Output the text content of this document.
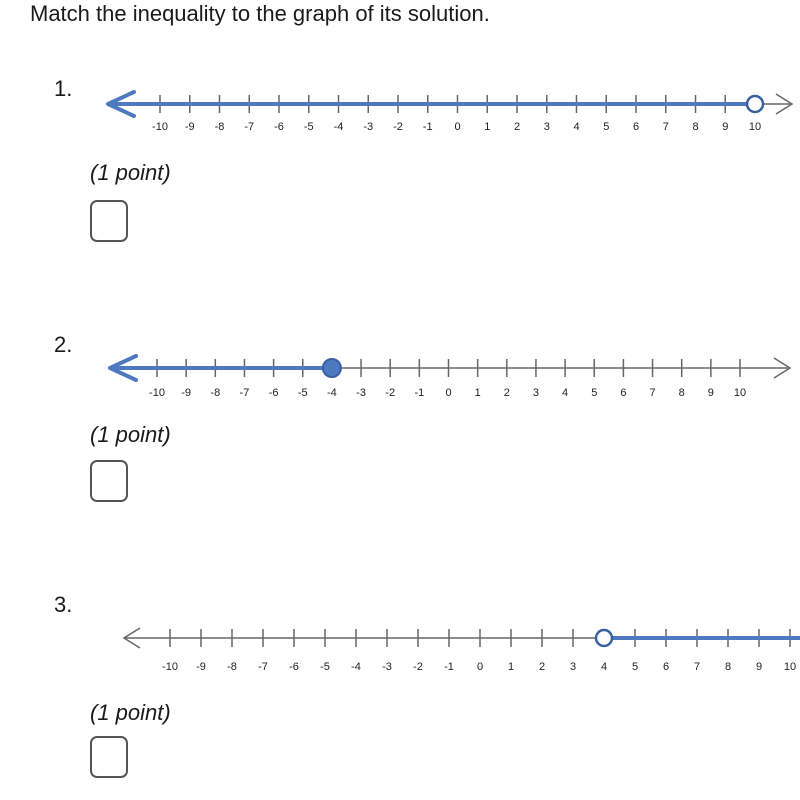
Match the inequality to the graph of its solution.
1.
-10 -9 -8 -7 -6 -5 -4 -3 -2 -1 0 1 2 3 4 5 6 7 8 9 10
(1 point)
2.
-10 -9 -8 -7 -6 -5 -4 -3 -2 -1 0 1 2 3 4 5 6 7 8 9 10
(1 point)
3.
-10 -9 -8 -7 -6 -5 -4 -3 -2 -1 0 1 2 3 4 5 6 7 8 9 10
(1 point)
